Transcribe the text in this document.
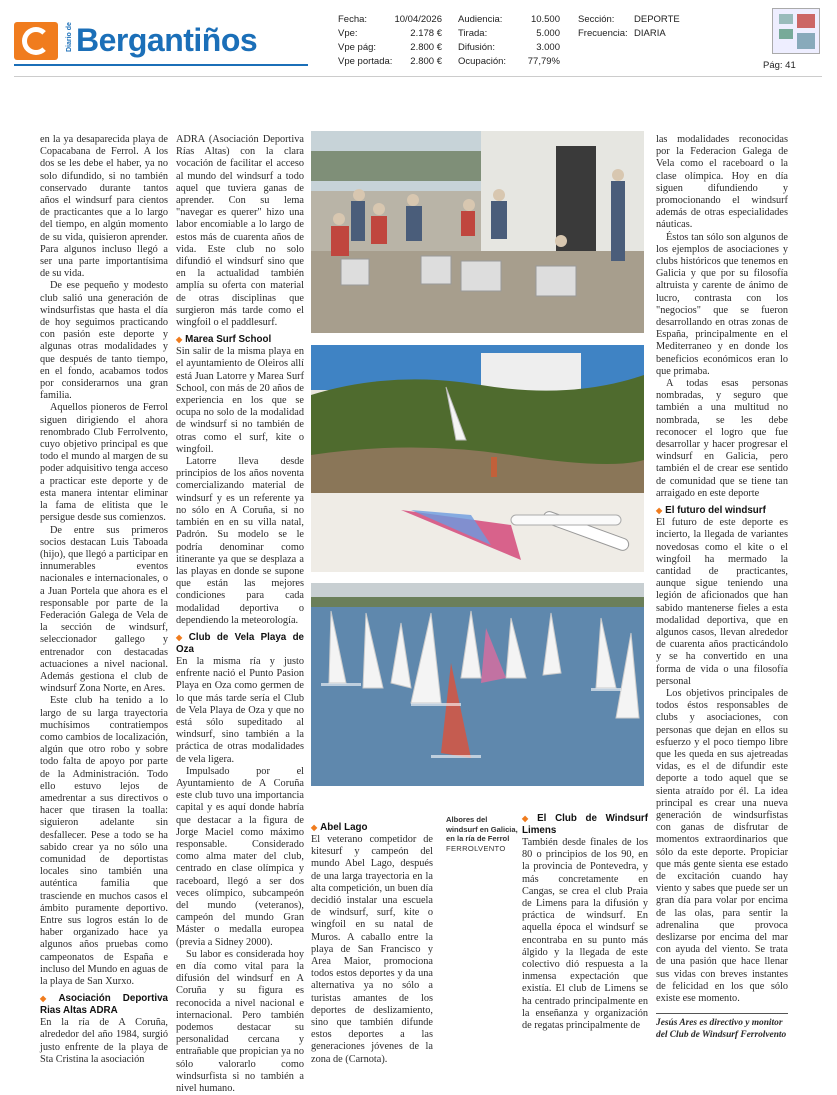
Diario de Bergantiños
Fecha:	10/04/2026
Vpe:	2.178 €
Vpe pág:	2.800 €
Vpe portada:	2.800 €
Audiencia:	10.500
Tirada:	5.000
Difusión:	3.000
Ocupación:	77,79%
Sección:	DEPORTE
Frecuencia: DIARIA
Pág: 41

en la ya desaparecida playa de Copacabana de Ferrol. A los dos se les debe el haber, ya no solo difundido, si no también conservado durante tantos años el windsurf para cientos de practicantes que a lo largo del tiempo, en algún momento de su vida, quisieron aprender. Para algunos incluso llegó a ser una parte importantísima de su vida.

De ese pequeño y modesto club salió una generación de windsurfistas que hasta el día de hoy seguimos practicando con pasión este deporte y algunas otras modalidades y que después de tanto tiempo, en el fondo, acabamos todos por considerarnos una gran familia.

Aquellos pioneros de Ferrol siguen dirigiendo el ahora renombrado Club Ferrolvento, cuyo objetivo principal es que todo el mundo al margen de su poder adquisitivo tenga acceso a practicar este deporte y de esta manera intentar eliminar la fama de elitista que le persigue desde sus comienzos.

De entre sus primeros socios destacan Luis Taboada (hijo), que llegó a participar en innumerables eventos nacionales e internacionales, o a Juan Portela que ahora es el responsable por parte de la Federación Galega de Vela de la sección de windsurf, seleccionador gallego y entrenador con destacadas actuaciones a nivel nacional. Además gestiona el club de windsurf Zona Norte, en Ares.

Este club ha tenido a lo largo de su larga trayectoria muchísimos contratiempos como cambios de localización, algún que otro robo y sobre todo falta de apoyo por parte de la Administración. Todo ello estuvo lejos de amedrentar a sus directivos o hacer que tirasen la toalla: siguieron adelante sin desfallecer. Pese a todo se ha sabido crear ya no sólo una comunidad de deportistas locales sino también una auténtica familia que trasciende en muchos casos el ámbito puramente deportivo. Entre sus logros están lo de haber organizado hace ya algunos años pruebas como campeonatos de España e incluso del Mundo en aguas de la playa de San Xurxo.

◆ Asociación Deportiva Rias Altas ADRA

En la ría de A Coruña, alrededor del año 1984, surgió justo enfrente de la playa de Sta Cristina la asociación

ADRA (Asociación Deportiva Rías Altas) con la clara vocación de facilitar el acceso al mundo del windsurf a todo aquel que tuviera ganas de aprender. Con su lema "navegar es querer" hizo una labor encomiable a lo largo de estos más de cuarenta años de vida. Este club no solo difundió el windsurf sino que en la actualidad también amplía su oferta con material de otras disciplinas que surgieron más tarde como el wingfoil o el paddlesurf.

◆ Marea Surf School

Sin salir de la misma playa en el ayuntamiento de Oleiros allí está Juan Latorre y Marea Surf School, con más de 20 años de experiencia en los que se ocupa no solo de la modalidad de windsurf si no también de otras como el surf, kite o wingfoil.

Latorre lleva desde principios de los años noventa comercializando material de windsurf y es un referente ya no sólo en A Coruña, si no también en en su villa natal, Padrón. Su modelo se le podría denominar como itinerante ya que se desplaza a las playas en donde se supone que están las mejores condiciones para cada modalidad deportiva o dependiendo la meteorología.

◆ Club de Vela Playa de Oza

En la misma ría y justo enfrente nació el Punto Pasion Playa en Oza como germen de lo que más tarde sería el Club de Vela Playa de Oza y que no está sólo supeditado al windsurf, sino también a la práctica de otras modalidades de vela ligera.

Impulsado por el Ayuntamiento de A Coruña este club tuvo una importancia capital y es aquí donde habría que destacar a la figura de Jorge Maciel como máximo responsable. Considerado como alma mater del club, centrado en clase olímpica y raceboard, llegó a ser dos veces olímpico, subcampeón del mundo (veteranos), campeón del mundo Gran Máster o medalla europea (previa a Sidney 2000).

Su labor es considerada hoy en día como vital para la difusión del windsurf en A Coruña y su figura es reconocida a nivel nacional e internacional. Pero también podemos destacar su personalidad cercana y entrañable que propician ya no sólo valorarlo como windsurfista si no también a nivel humano.

Albores del windsurf en Galicia, en la ría de Ferrol
FERROLVENTO
◆ Abel Lago

El veterano competidor de kitesurf y campeón del mundo Abel Lago, después de una larga trayectoria en la alta competición, un buen día decidió instalar una escuela de windsurf, surf, kite o wingfoil en su natal de Muros. A caballo entre la playa de San Francisco y Area Maior, promociona todos estos deportes y da una alternativa ya no sólo a turistas amantes de los deportes de deslizamiento, sino que también difunde estos deportes a las generaciones jóvenes de la zona de (Carnota).

◆ El Club de Windsurf Limens

También desde finales de los 80 o principios de los 90, en la provincia de Pontevedra, y más concretamente en Cangas, se crea el club Praia de Limens para la difusión y práctica de windsurf. En aquella época el windsurf se encontraba en su punto más álgido y la llegada de este colectivo dió respuesta a la inmensa expectación que existía. El club de Limens se ha centrado principalmente en la enseñanza y organización de regatas principalmente de

las modalidades reconocidas por la Federacion Galega de Vela como el raceboard o la clase olímpica. Hoy en día siguen difundiendo y promocionando el windsurf además de otras especialidades náuticas.

Éstos tan sólo son algunos de los ejemplos de asociaciones y clubs históricos que tenemos en Galicia y que por su filosofía altruista y carente de ánimo de lucro, contrasta con los "negocios" que se fueron desarrollando en otras zonas de España, principalmente en el Mediterraneo y en donde los beneficios económicos eran lo que primaba.

A todas esas personas nombradas, y seguro que también a una multitud no nombrada, se les debe reconocer el logro que fue desarrollar y hacer progresar el windsurf en Galicia, pero también el de crear ese sentido de comunidad que se tiene tan arraigado en este deporte

◆ El futuro del windsurf

El futuro de este deporte es incierto, la llegada de variantes novedosas como el kite o el wingfoil ha mermado la cantidad de practicantes, aunque sigue teniendo una legión de aficionados que han sabido mantenerse fieles a esta modalidad deportiva, que en algunos casos, llevan alrededor de cuarenta años practicándolo y se ha convertido en una forma de vida o una filosofía personal

Los objetivos principales de todos éstos responsables de clubs y asociaciones, con personas que dejan en ellos su esfuerzo y el poco tiempo libre que les queda en sus ajetreadas vidas, es el de difundir este deporte a todo aquel que se sienta atraído por él. La idea principal es crear una nueva generación de windsurfistas con ganas de disfrutar de momentos extraordinarios que sólo da este deporte. Propiciar que más gente sienta ese estado de excitación cuando hay viento y sabes que puede ser un gran día para volar por encima de las olas, para sentir la adrenalina que provoca deslizarse por encima del mar con ayuda del viento. Se trata de una pasión que hace llenar sus vidas con breves instantes de felicidad en los que sólo existe ese momento.

Jesús Ares es directivo y monitor del Club de Windsurf Ferrolvento
